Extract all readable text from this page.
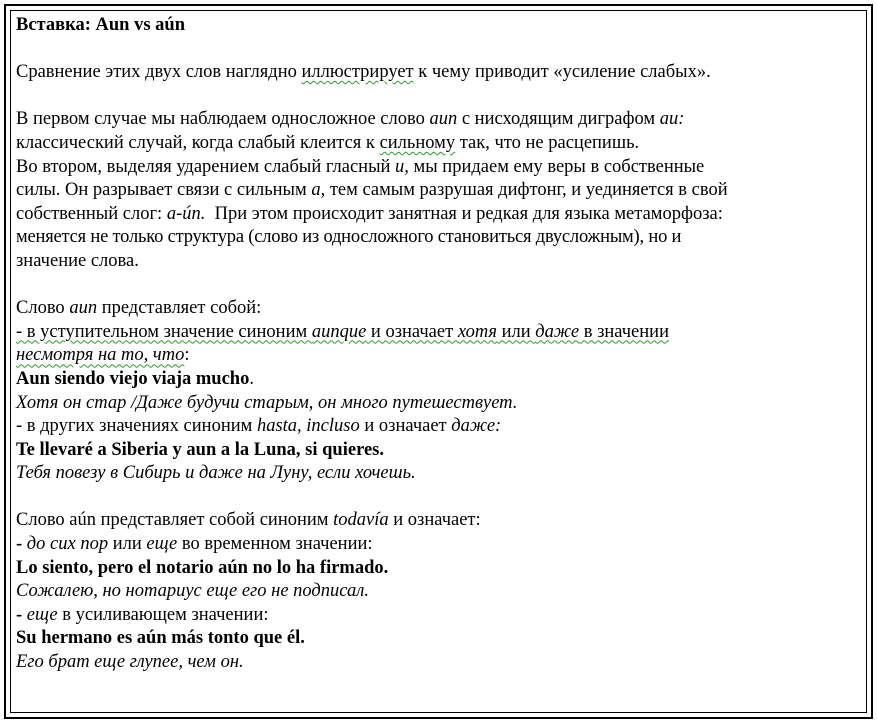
Вставка: Aun vs aún
Сравнение этих двух слов наглядно иллюстрирует к чему приводит «усиление слабых».
В первом случае мы наблюдаем односложное слово aun с нисходящим диграфом au:
классический случай, когда слабый клеится к сильному так, что не расцепишь.
Во втором, выделяя ударением слабый гласный u, мы придаем ему веры в собственные
силы. Он разрывает связи с сильным a, тем самым разрушая дифтонг, и уединяется в свой
собственный слог: a-ún.  При этом происходит занятная и редкая для языка метаморфоза:
меняется не только структура (слово из односложного становиться двусложным), но и
значение слова.
Слово aun представляет собой:
- в уступительном значение синоним aunque и означает хотя или даже в значении
несмотря на то, что:
Aun siendo viejo viaja mucho.
Хотя он стар /Даже будучи старым, он много путешествует.
- в других значениях синоним hasta, incluso и означает даже:
Te llevaré a Siberia y aun a la Luna, si quieres.
Тебя повезу в Сибирь и даже на Луну, если хочешь.
Слово aún представляет собой синоним todavía и означает:
- до сих пор или еще во временном значении:
Lo siento, pero el notario aún no lo ha firmado.
Сожалею, но нотариус еще его не подписал.
- еще в усиливающем значении:
Su hermano es aún más tonto que él.
Его брат еще глупее, чем он.
